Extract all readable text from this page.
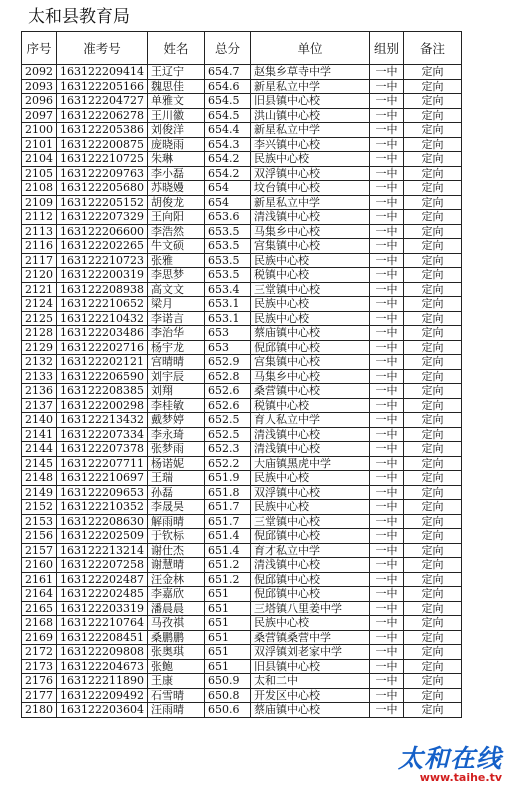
太和县教育局
序号	准考号	姓名	总分	单位	组别	备注
2092	163122209414	王辽宁	654.7	赵集乡草寺中学	一中	定向
2093	163122205166	魏思佳	654.6	新星私立中学	一中	定向
2096	163122204727	单雅文	654.5	旧县镇中心校	一中	定向
2097	163122206278	王川徽	654.5	洪山镇中心校	一中	定向
2100	163122205386	刘俊洋	654.4	新星私立中学	一中	定向
2101	163122200875	庞晓雨	654.3	李兴镇中心校	一中	定向
2104	163122210725	朱琳	654.2	民族中心校	一中	定向
2105	163122209763	李小磊	654.2	双浮镇中心校	一中	定向
2108	163122205680	苏晓嫚	654	坟台镇中心校	一中	定向
2109	163122205152	胡俊龙	654	新星私立中学	一中	定向
2112	163122207329	王向阳	653.6	清浅镇中心校	一中	定向
2113	163122206600	李浩然	653.5	马集乡中心校	一中	定向
2116	163122202265	牛文硕	653.5	宫集镇中心校	一中	定向
2117	163122210723	张雅	653.5	民族中心校	一中	定向
2120	163122200319	李思梦	653.5	税镇中心校	一中	定向
2121	163122208938	高文文	653.4	三堂镇中心校	一中	定向
2124	163122210652	梁月	653.1	民族中心校	一中	定向
2125	163122210432	李诺言	653.1	民族中心校	一中	定向
2128	163122203486	李治华	653	蔡庙镇中心校	一中	定向
2129	163122202716	杨宇龙	653	倪邱镇中心校	一中	定向
2132	163122202121	宫晴晴	652.9	宫集镇中心校	一中	定向
2133	163122206590	刘宇辰	652.8	马集乡中心校	一中	定向
2136	163122208385	刘翔	652.6	桑营镇中心校	一中	定向
2137	163122200298	李桂敏	652.6	税镇中心校	一中	定向
2140	163122213432	戴梦婷	652.5	育人私立中学	一中	定向
2141	163122207334	李永琦	652.5	清浅镇中心校	一中	定向
2144	163122207378	张梦雨	652.3	清浅镇中心校	一中	定向
2145	163122207711	杨诺妮	652.2	大庙镇黑虎中学	一中	定向
2148	163122210697	王瑞	651.9	民族中心校	一中	定向
2149	163122209653	孙磊	651.8	双浮镇中心校	一中	定向
2152	163122210352	李晟昊	651.7	民族中心校	一中	定向
2153	163122208630	解雨晴	651.7	三堂镇中心校	一中	定向
2156	163122202509	于钦标	651.4	倪邱镇中心校	一中	定向
2157	163122213214	谢仕杰	651.4	育才私立中学	一中	定向
2160	163122207258	谢慧晴	651.2	清浅镇中心校	一中	定向
2161	163122202487	汪金林	651.2	倪邱镇中心校	一中	定向
2164	163122202485	李嘉欣	651	倪邱镇中心校	一中	定向
2165	163122203319	潘晨晨	651	三塔镇八里姜中学	一中	定向
2168	163122210764	马孜祺	651	民族中心校	一中	定向
2169	163122208451	桑鹏鹏	651	桑营镇桑营中学	一中	定向
2172	163122209808	张奥琪	651	双浮镇刘老家中学	一中	定向
2173	163122204673	张鲍	651	旧县镇中心校	一中	定向
2176	163122211890	王康	650.9	太和二中	一中	定向
2177	163122209492	石雪晴	650.8	开发区中心校	一中	定向
2180	163122203604	汪雨晴	650.6	蔡庙镇中心校	一中	定向
太和在线
www.taihe.tv
